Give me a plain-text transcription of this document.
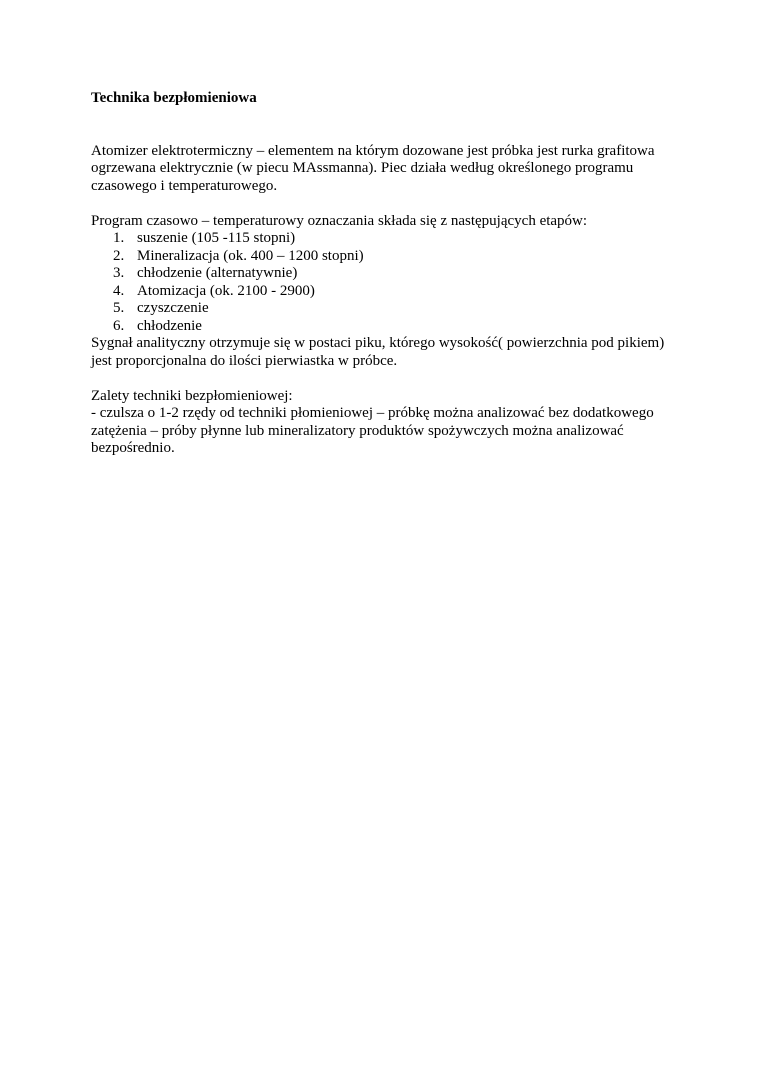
Technika bezpłomieniowa

Atomizer elektrotermiczny – elementem na którym dozowane jest próbka jest rurka grafitowa ogrzewana elektrycznie (w piecu MAssmanna). Piec działa według określonego programu czasowego i temperaturowego.

Program czasowo – temperaturowy oznaczania składa się z następujących etapów:

1. suszenie (105 -115 stopni)
2. Mineralizacja (ok. 400 – 1200 stopni)
3. chłodzenie (alternatywnie)
4. Atomizacja (ok. 2100 - 2900)
5. czyszczenie
6. chłodzenie

Sygnał analityczny otrzymuje się w postaci piku, którego wysokość( powierzchnia pod pikiem) jest proporcjonalna do ilości pierwiastka w próbce.

Zalety techniki bezpłomieniowej:

- czulsza o 1-2 rzędy od techniki płomieniowej – próbkę można analizować bez dodatkowego zatężenia – próby płynne lub mineralizatory produktów spożywczych można analizować bezpośrednio.
